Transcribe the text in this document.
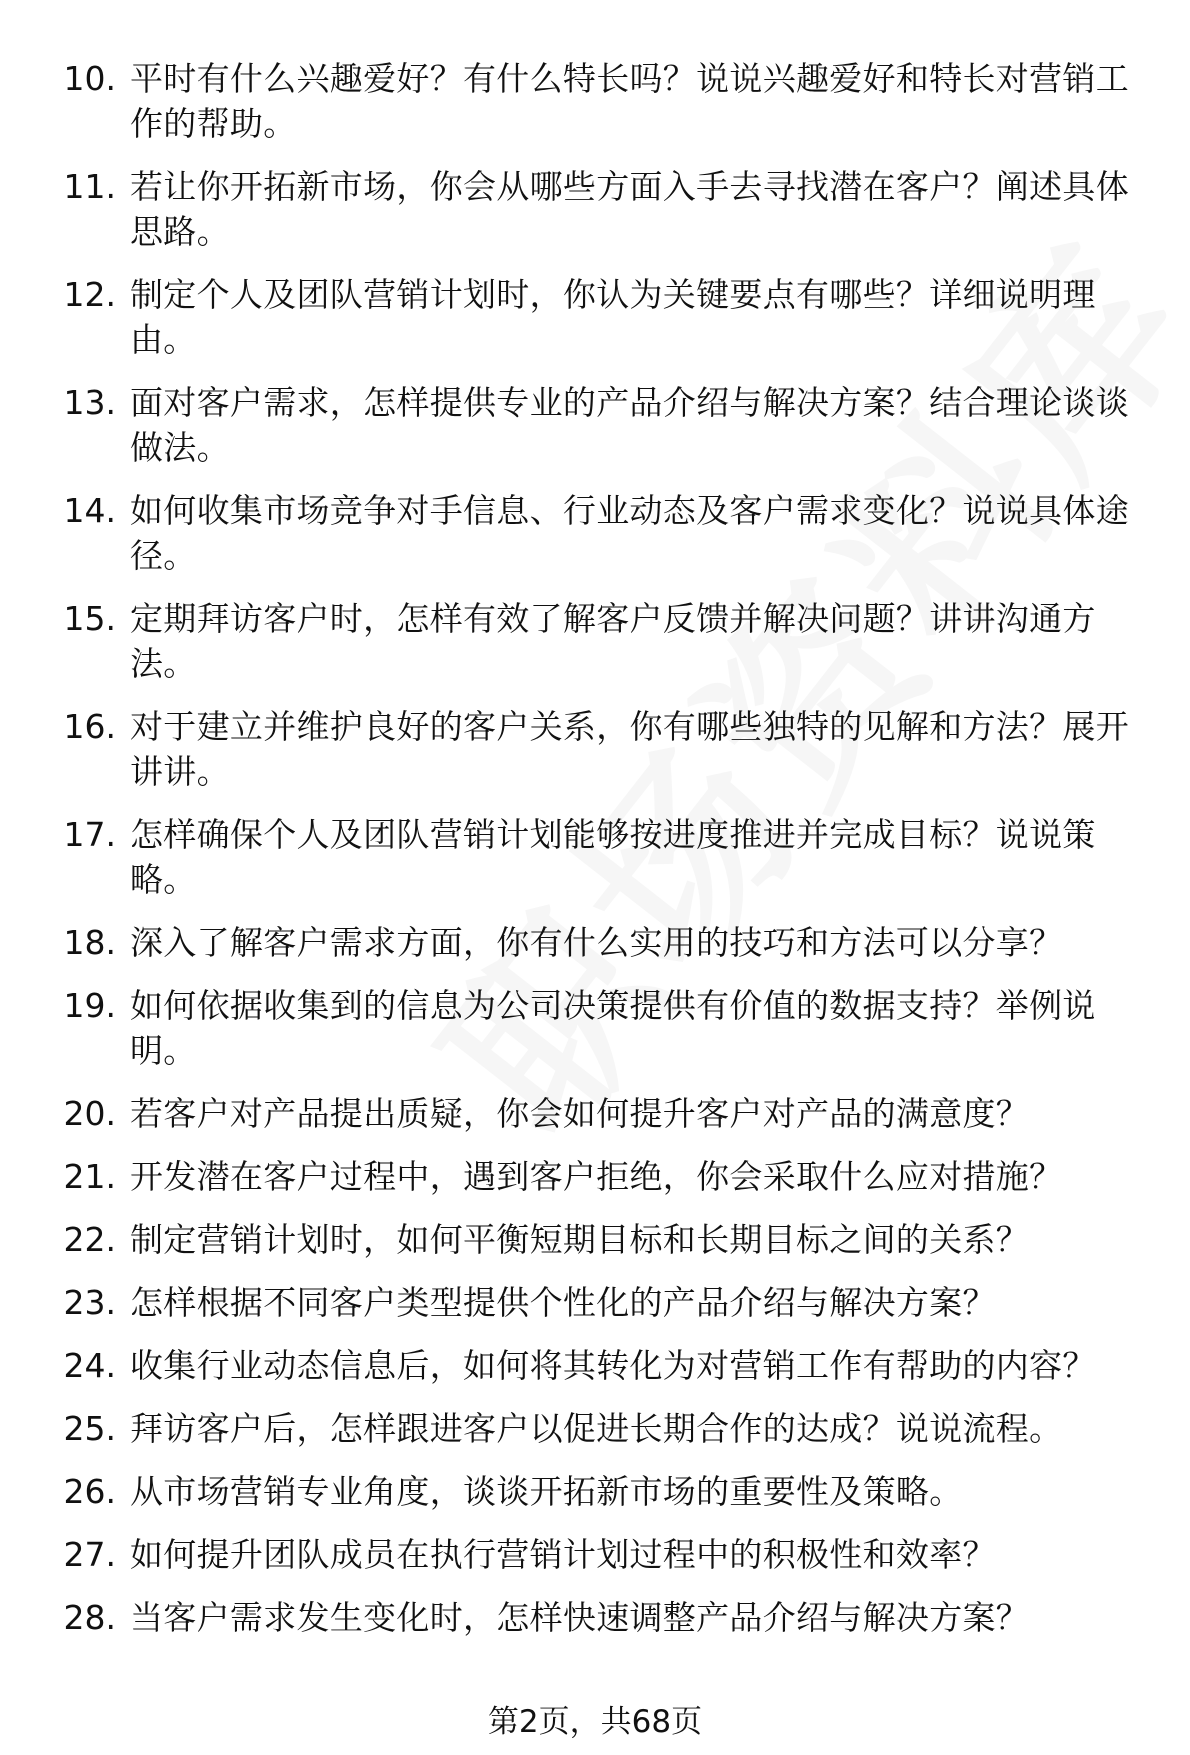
10. 平时有什么兴趣爱好？有什么特长吗？说说兴趣爱好和特长对营销工作的帮助。
11. 若让你开拓新市场，你会从哪些方面入手去寻找潜在客户？阐述具体思路。
12. 制定个人及团队营销计划时，你认为关键要点有哪些？详细说明理由。
13. 面对客户需求，怎样提供专业的产品介绍与解决方案？结合理论谈谈做法。
14. 如何收集市场竞争对手信息、行业动态及客户需求变化？说说具体途径。
15. 定期拜访客户时，怎样有效了解客户反馈并解决问题？讲讲沟通方法。
16. 对于建立并维护良好的客户关系，你有哪些独特的见解和方法？展开讲讲。
17. 怎样确保个人及团队营销计划能够按进度推进并完成目标？说说策略。
18. 深入了解客户需求方面，你有什么实用的技巧和方法可以分享？
19. 如何依据收集到的信息为公司决策提供有价值的数据支持？举例说明。
20. 若客户对产品提出质疑，你会如何提升客户对产品的满意度？
21. 开发潜在客户过程中，遇到客户拒绝，你会采取什么应对措施？
22. 制定营销计划时，如何平衡短期目标和长期目标之间的关系？
23. 怎样根据不同客户类型提供个性化的产品介绍与解决方案？
24. 收集行业动态信息后，如何将其转化为对营销工作有帮助的内容？
25. 拜访客户后，怎样跟进客户以促进长期合作的达成？说说流程。
26. 从市场营销专业角度，谈谈开拓新市场的重要性及策略。
27. 如何提升团队成员在执行营销计划过程中的积极性和效率？
28. 当客户需求发生变化时，怎样快速调整产品介绍与解决方案？
第2页，共68页
